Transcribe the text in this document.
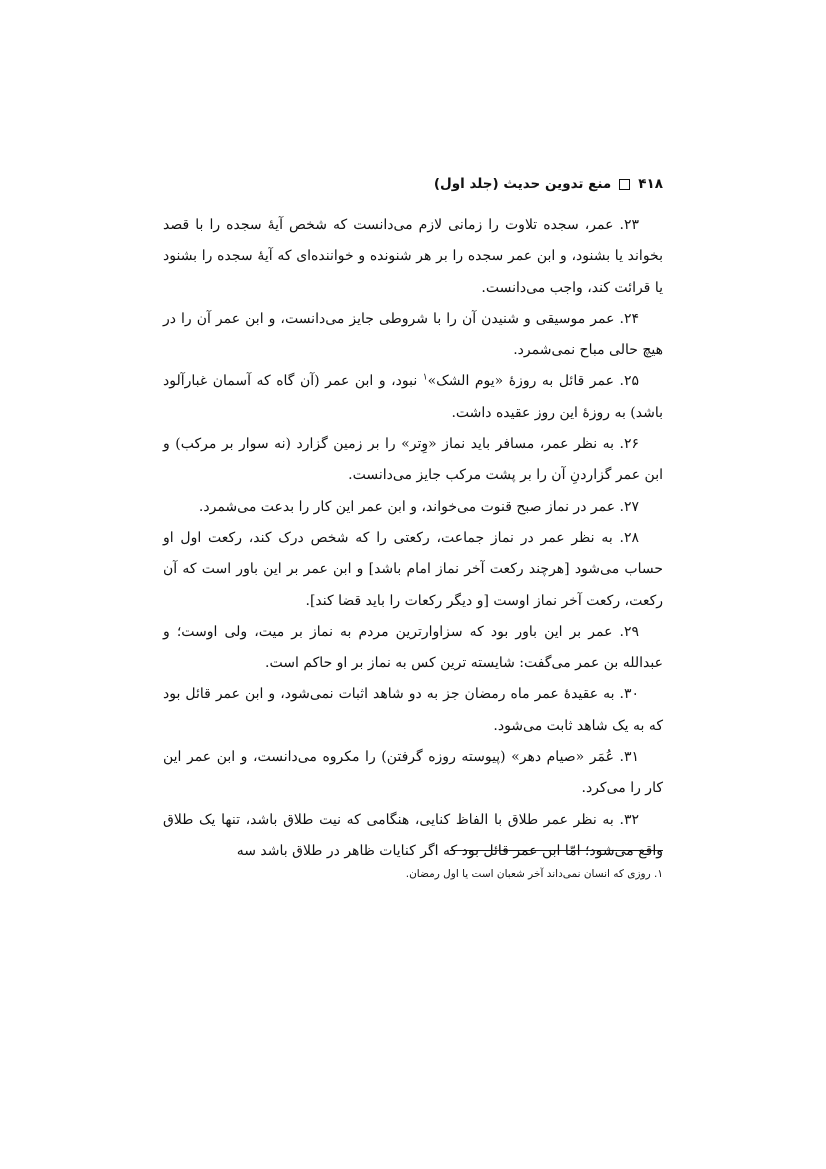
۴۱۸
منع تدوین حدیث (جلد اول)

۲۳. عمر، سجده تلاوت را زمانی لازم می‌دانست که شخص آیهٔ سجده را با قصد بخواند یا بشنود، و ابن عمر سجده را بر هر شنونده و خواننده‌ای که آیهٔ سجده را بشنود یا قرائت کند، واجب می‌دانست.

۲۴. عمر موسیقی و شنیدن آن را با شروطی جایز می‌دانست، و ابن عمر آن را در هیچ حالی مباح نمی‌شمرد.

۲۵. عمر قائل به روزهٔ «یوم الشک»$^۱$ نبود، و ابن عمر (آن گاه که آسمان غبارآلود باشد) به روزهٔ این روز عقیده داشت.

۲۶. به نظر عمر، مسافر باید نماز «وِتر» را بر زمین گزارد (نه سوار بر مرکب) و ابن عمر گزاردنِ آن را بر پشت مرکب جایز می‌دانست.

۲۷. عمر در نماز صبح قنوت می‌خواند، و ابن عمر این کار را بدعت می‌شمرد.

۲۸. به نظر عمر در نماز جماعت، رکعتی را که شخص درک کند، رکعت اول او حساب می‌شود [هرچند رکعت آخر نماز امام باشد] و ابن عمر بر این باور است که آن رکعت، رکعت آخر نماز اوست [و دیگر رکعات را باید قضا کند].

۲۹. عمر بر این باور بود که سزاوارترین مردم به نماز بر میت، ولی اوست؛ و عبدالله بن عمر می‌گفت: شایسته ترین کس به نماز بر او حاکم است.

۳۰. به عقیدهٔ عمر ماه رمضان جز به دو شاهد اثبات نمی‌شود، و ابن عمر قائل بود که به یک شاهد ثابت می‌شود.

۳۱. عُمَر «صیام دهر» (پیوسته روزه گرفتن) را مکروه می‌دانست، و ابن عمر این کار را می‌کرد.

۳۲. به نظر عمر طلاق با الفاظ کنایی، هنگامی که نیت طلاق باشد، تنها یک طلاق واقع می‌شود؛ امّا ابن عمر قائل بود که اگر کنایات ظاهر در طلاق باشد سه

۱. روزی که انسان نمی‌داند آخر شعبان است یا اول رمضان.
